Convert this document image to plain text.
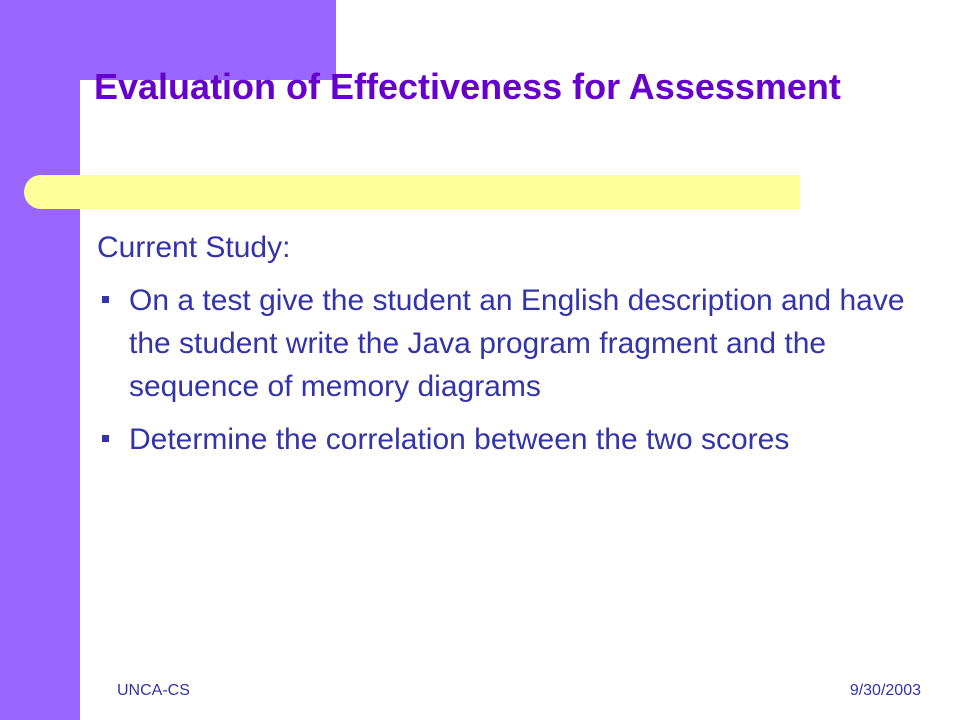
Evaluation of Effectiveness for Assessment

Current Study:

On a test give the student an English description and have the student write the Java program fragment and the sequence of memory diagrams
Determine the correlation between the two scores
UNCA-CS	9/30/2003
